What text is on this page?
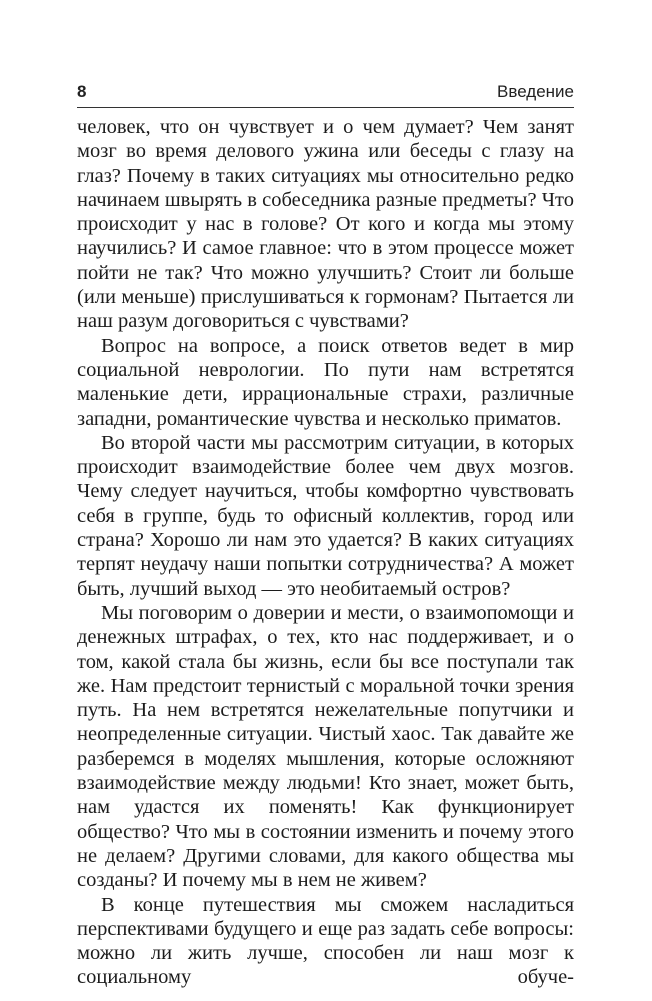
8	Введение

человек, что он чувствует и о чем думает? Чем занят мозг во время делового ужина или беседы с глазу на глаз? Почему в таких ситуациях мы относительно редко начинаем швырять в собеседника разные предметы? Что происходит у нас в голове? От кого и когда мы этому научились? И самое главное: что в этом процессе может пойти не так? Что можно улучшить? Стоит ли больше (или меньше) прислушиваться к гормонам? Пытается ли наш разум договориться с чувствами?

Вопрос на вопросе, а поиск ответов ведет в мир социальной неврологии. По пути нам встретятся маленькие дети, иррациональные страхи, различные западни, романтические чувства и несколько приматов.

Во второй части мы рассмотрим ситуации, в которых происходит взаимодействие более чем двух мозгов. Чему следует научиться, чтобы комфортно чувствовать себя в группе, будь то офисный коллектив, город или страна? Хорошо ли нам это удается? В каких ситуациях терпят неудачу наши попытки сотрудничества? А может быть, лучший выход — это необитаемый остров?

Мы поговорим о доверии и мести, о взаимопомощи и денежных штрафах, о тех, кто нас поддерживает, и о том, какой стала бы жизнь, если бы все поступали так же. Нам предстоит тернистый с моральной точки зрения путь. На нем встретятся нежелательные попутчики и неопределенные ситуации. Чистый хаос. Так давайте же разберемся в моделях мышления, которые осложняют взаимодействие между людьми! Кто знает, может быть, нам удастся их поменять! Как функционирует общество? Что мы в состоянии изменить и почему этого не делаем? Другими словами, для какого общества мы созданы? И почему мы в нем не живем?

В конце путешествия мы сможем насладиться перспективами будущего и еще раз задать себе вопросы: можно ли жить лучше, способен ли наш мозг к социальному обуче-
